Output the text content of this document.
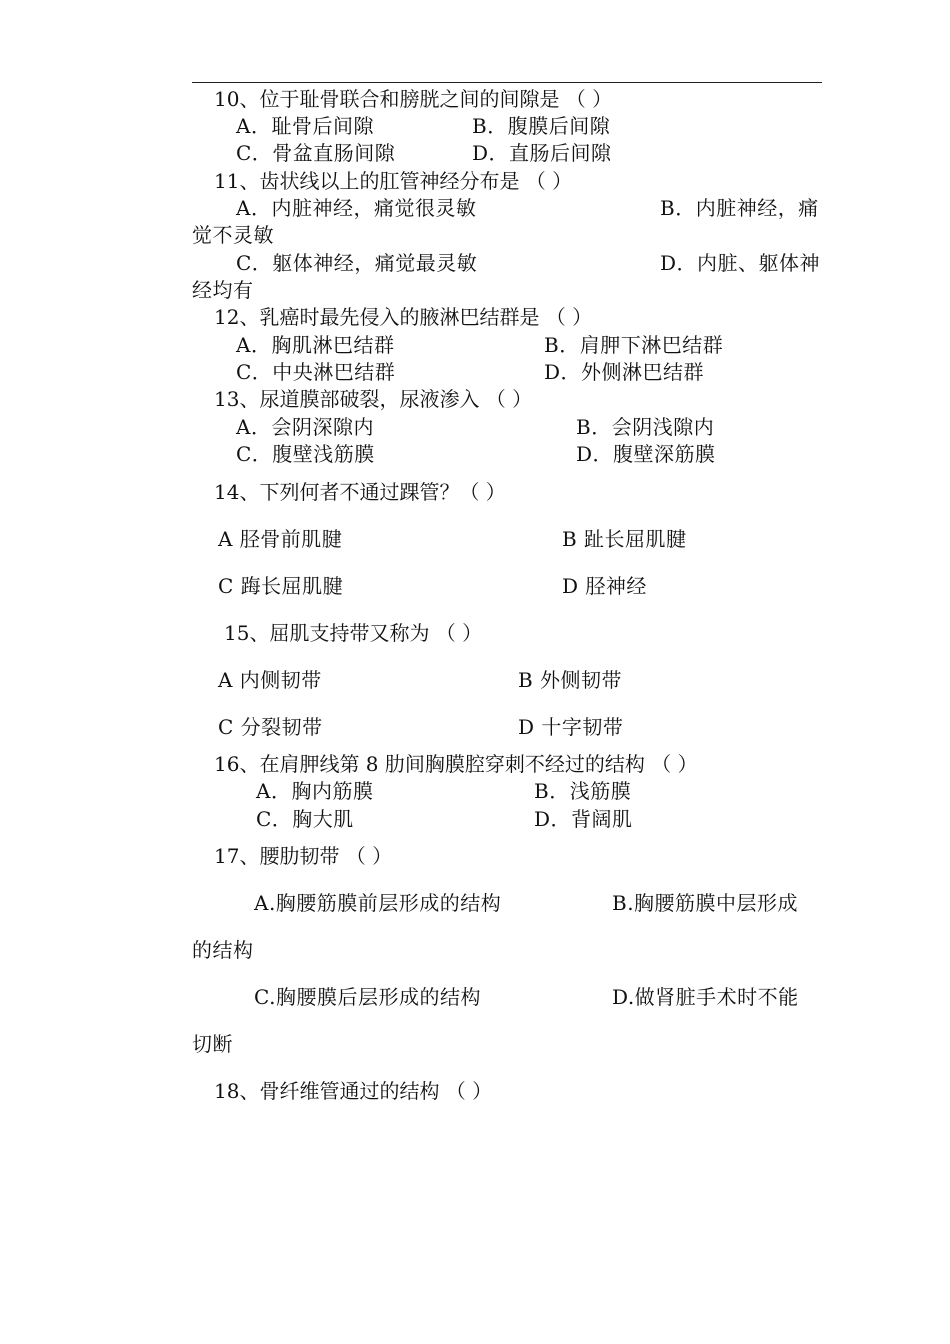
10、位于耻骨联合和膀胱之间的间隙是 （ ）
A．耻骨后间隙	B．腹膜后间隙
C．骨盆直肠间隙	D．直肠后间隙
11、齿状线以上的肛管神经分布是 （ ）
A．内脏神经，痛觉很灵敏	B．内脏神经，痛
觉不灵敏
C．躯体神经，痛觉最灵敏	D．内脏、躯体神
经均有
12、乳癌时最先侵入的腋淋巴结群是 （ ）
A．胸肌淋巴结群	B．肩胛下淋巴结群
C．中央淋巴结群	D．外侧淋巴结群
13、尿道膜部破裂，尿液渗入 （ ）
A．会阴深隙内	B．会阴浅隙内
C．腹壁浅筋膜	D．腹壁深筋膜
14、下列何者不通过踝管？（ ）
A 胫骨前肌腱	B 趾长屈肌腱
C 踇长屈肌腱	D 胫神经
15、屈肌支持带又称为 （ ）
A 内侧韧带	B 外侧韧带
C 分裂韧带	D 十字韧带
16、在肩胛线第 8 肋间胸膜腔穿刺不经过的结构 （ ）
A．胸内筋膜	B．浅筋膜
C．胸大肌	D．背阔肌
17、腰肋韧带 （ ）
A.胸腰筋膜前层形成的结构	B.胸腰筋膜中层形成
的结构
C.胸腰膜后层形成的结构	D.做肾脏手术时不能
切断
18、骨纤维管通过的结构 （ ）
